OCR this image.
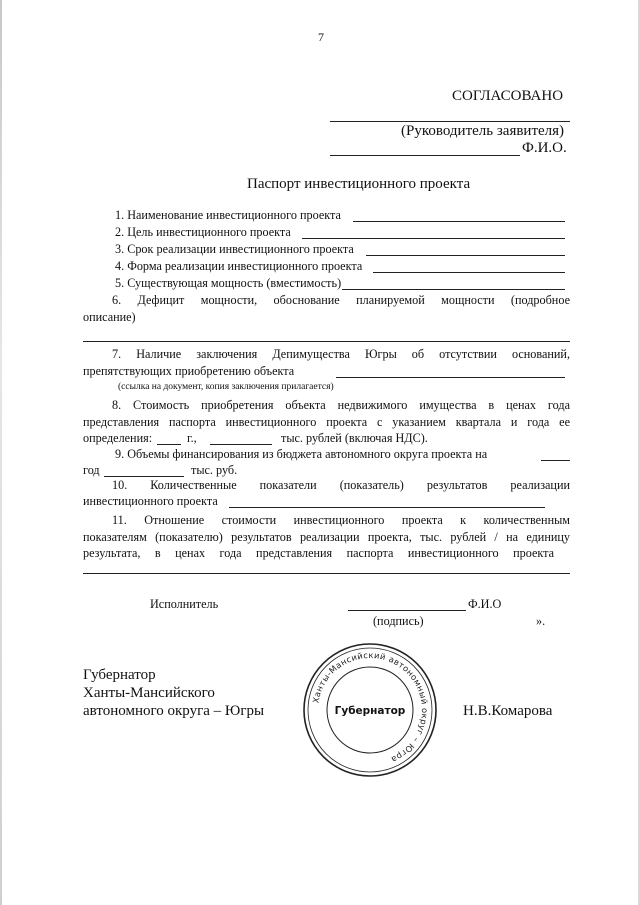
7
СОГЛАСОВАНО
(Руководитель заявителя)
Ф.И.О.
Паспорт инвестиционного проекта
1. Наименование инвестиционного проекта
2. Цель инвестиционного проекта
3. Срок реализации инвестиционного проекта
4. Форма реализации инвестиционного проекта
5. Существующая мощность (вместимость)
6. Дефицит мощности, обоснование планируемой мощности (подробное
описание)
7. Наличие заключения Депимущества Югры об отсутствии оснований,
препятствующих приобретению объекта
(ссылка на документ, копия заключения прилагается)
8. Стоимость приобретения объекта недвижимого имущества в ценах года
представления паспорта инвестиционного проекта с указанием квартала и года ее
определения:	г.,	тыс. рублей (включая НДС).
9. Объемы финансирования из бюджета автономного округа проекта на
год	тыс. руб.
10. Количественные показатели (показатель) результатов реализации
инвестиционного проекта
11. Отношение стоимости инвестиционного проекта к количественным
показателям (показателю) результатов реализации проекта, тыс. рублей / на единицу
результата, в ценах года представления паспорта инвестиционного проекта
Исполнитель	Ф.И.О
(подпись)	».
Губернатор
Ханты-Мансийского
автономного округа – Югры	Н.В.Комарова
Ханты-Мансийский автономный округ – Югра
Губернатор
